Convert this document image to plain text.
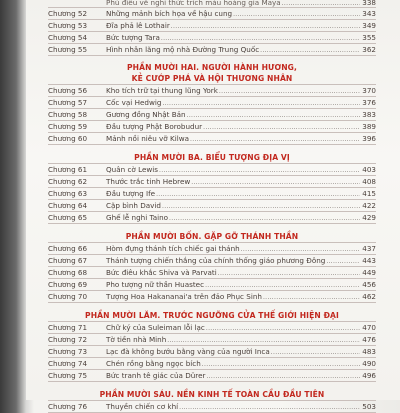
Phù điêu về nghi thức trích máu hoàng gia Maya .....	338
Chương 52	Những mảnh bích họa về hậu cung .....	343
Chương 53	Đĩa phả lê Lothair .....	349
Chương 54	Bức tượng Tara .....	355
Chương 55	Hình nhân lăng mộ nhà Đường Trung Quốc .....	362
PHẦN MƯỜI HAI. NGƯỜI HÀNH HƯƠNG,
KẺ CƯỚP PHÁ VÀ HỘI THƯƠNG NHÂN
Chương 56	Kho tích trữ tại thung lũng York .....	370
Chương 57	Cốc vại Hedwig .....	376
Chương 58	Gương đồng Nhật Bản .....	383
Chương 59	Đầu tượng Phật Borobudur .....	389
Chương 60	Mảnh nồi niêu vỡ Kilwa .....	396
PHẦN MƯỜI BA. BIỂU TƯỢNG ĐỊA VỊ
Chương 61	Quân cờ Lewis .....	403
Chương 62	Thước trắc tinh Hebrew .....	408
Chương 63	Đầu tượng Ife .....	415
Chương 64	Cặp bình David .....	422
Chương 65	Ghế lễ nghi Taino .....	429
PHẦN MƯỜI BỐN. GẶP GỠ THÁNH THẦN
Chương 66	Hòm đựng thánh tích chiếc gai thánh .....	437
Chương 67	Thánh tượng chiến thắng của chính thống giáo phương Đông .....	443
Chương 68	Bức điêu khắc Shiva và Parvati .....	449
Chương 69	Pho tượng nữ thần Huastec .....	456
Chương 70	Tượng Hoa Hakananai'a trên đảo Phục Sinh .....	462
PHẦN MƯỜI LĂM. TRƯỚC NGƯỠNG CỬA THẾ GIỚI HIỆN ĐẠI
Chương 71	Chữ ký của Suleiman lỗi lạc .....	470
Chương 72	Tờ tiền nhà Minh .....	476
Chương 73	Lạc đà không bướu bằng vàng của người Inca .....	483
Chương 74	Chén rồng bằng ngọc bích .....	490
Chương 75	Bức tranh tê giác của Dürer .....	496
PHẦN MƯỜI SÁU. NỀN KINH TẾ TOÀN CẦU ĐẦU TIÊN
Chương 76	Thuyền chiến cơ khí .....	503
